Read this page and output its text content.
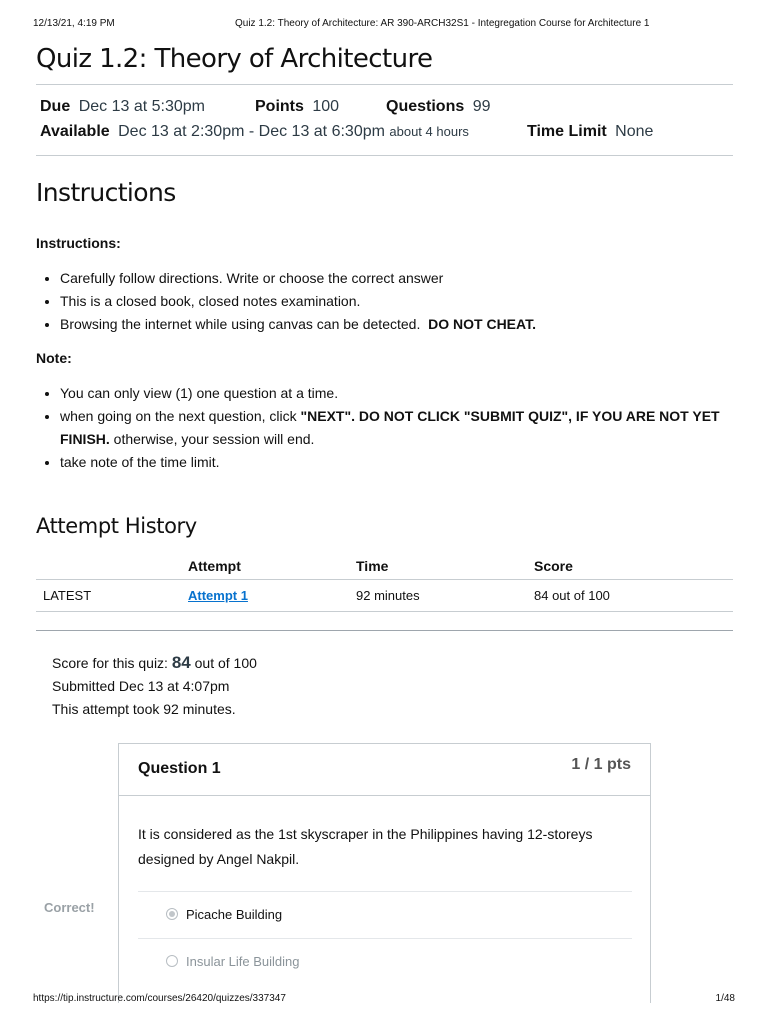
12/13/21, 4:19 PM	Quiz 1.2: Theory of Architecture: AR 390-ARCH32S1 - Integregation Course for Architecture 1
Quiz 1.2: Theory of Architecture
Due Dec 13 at 5:30pm	Points 100	Questions 99
Available Dec 13 at 2:30pm - Dec 13 at 6:30pm about 4 hours	Time Limit None
Instructions
Instructions:
• Carefully follow directions. Write or choose the correct answer
• This is a closed book, closed notes examination.
• Browsing the internet while using canvas can be detected. DO NOT CHEAT.
Note:
• You can only view (1) one question at a time.
• when going on the next question, click "NEXT". DO NOT CLICK "SUBMIT QUIZ", IF YOU ARE NOT YET FINISH. otherwise, your session will end.
• take note of the time limit.
Attempt History
	Attempt	Time	Score
LATEST	Attempt 1	92 minutes	84 out of 100
Score for this quiz: 84 out of 100
Submitted Dec 13 at 4:07pm
This attempt took 92 minutes.
Correct!
Question 1	1 / 1 pts
It is considered as the 1st skyscraper in the Philippines having 12-storeys designed by Angel Nakpil.
Picache Building
Insular Life Building
https://tip.instructure.com/courses/26420/quizzes/337347	1/48
